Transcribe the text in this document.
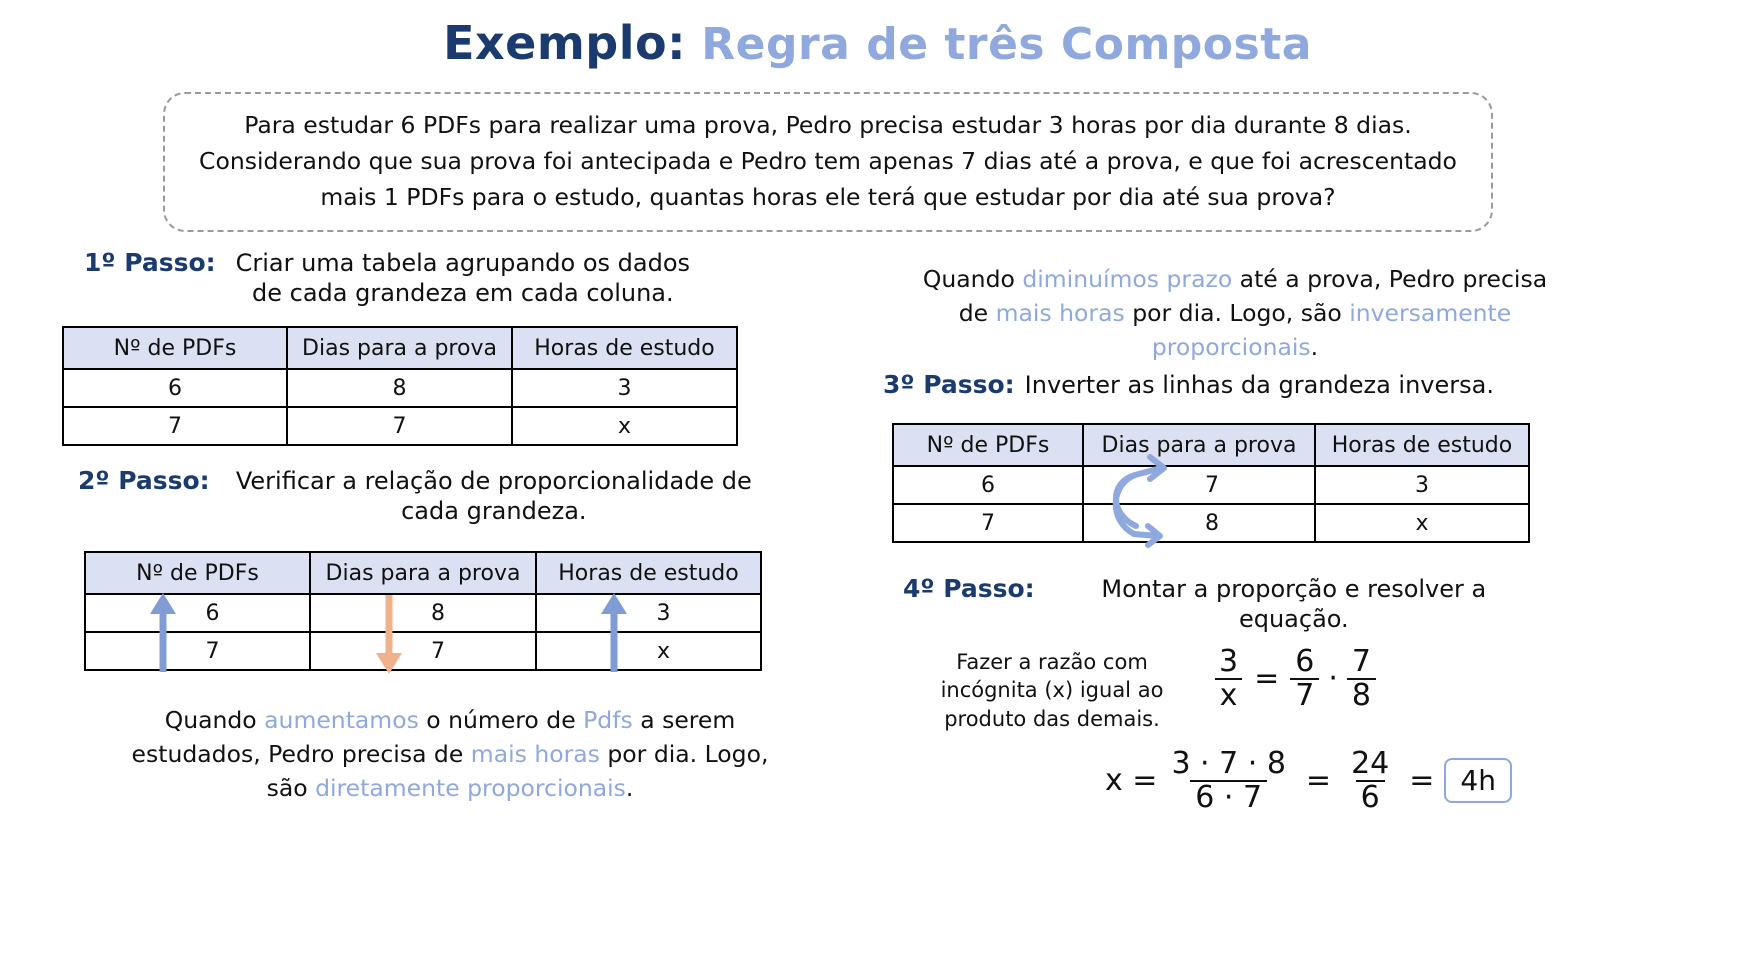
Exemplo: Regra de três Composta
Para estudar 6 PDFs para realizar uma prova, Pedro precisa estudar 3 horas por dia durante 8 dias. Considerando que sua prova foi antecipada e Pedro tem apenas 7 dias até a prova, e que foi acrescentado mais 1 PDFs para o estudo, quantas horas ele terá que estudar por dia até sua prova?
1º Passo: Criar uma tabela agrupando os dados de cada grandeza em cada coluna.
Nº de PDFs	Dias para a prova	Horas de estudo
6	8	3
7	7	x
2º Passo:	Verificar a relação de proporcionalidade de cada grandeza.
Nº de PDFs	Dias para a prova	Horas de estudo
6	8	3
7	7	x
Quando aumentamos o número de Pdfs a serem estudados, Pedro precisa de mais horas por dia. Logo, são diretamente proporcionais.
Quando diminuímos prazo até a prova, Pedro precisa de mais horas por dia. Logo, são inversamente proporcionais.
3º Passo: Inverter as linhas da grandeza inversa.
Nº de PDFs	Dias para a prova	Horas de estudo
6	7	3
7	8	x
4º Passo:	Montar a proporção e resolver a equação.
Fazer a razão com incógnita (x) igual ao produto das demais.
$\frac{3}{x} = \frac{6}{7} \cdot \frac{7}{8}$
$x = \frac{3 \cdot 7 \cdot 8}{6 \cdot 7} = \frac{24}{6} = 4h$
